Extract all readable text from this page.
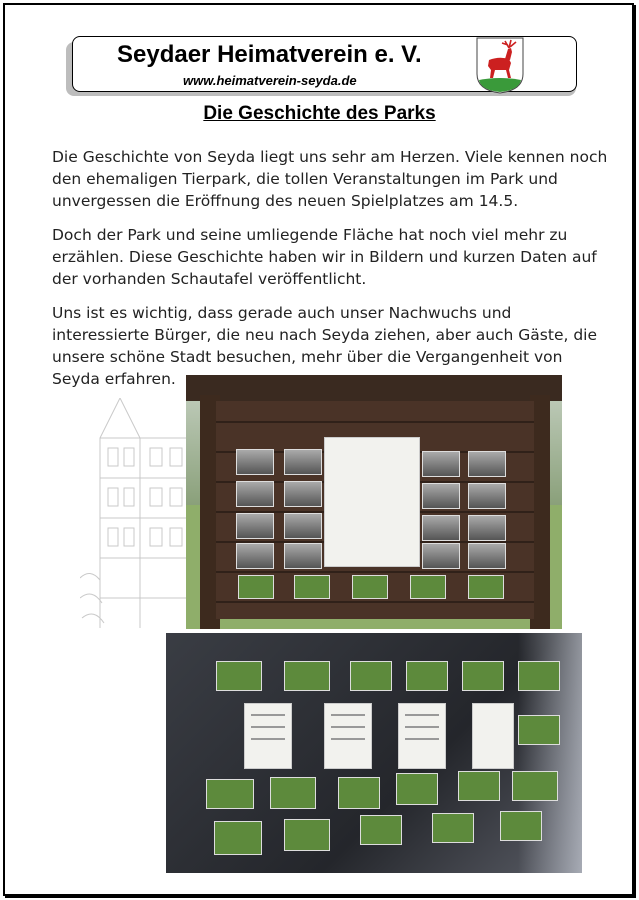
Seydaer Heimatverein e. V.
www.heimatverein-seyda.de
Die Geschichte des Parks

Die Geschichte von Seyda liegt uns sehr am Herzen. Viele kennen noch den ehemaligen Tierpark, die tollen Veranstaltungen im Park und unvergessen die Eröffnung des neuen Spielplatzes am 14.5.

Doch der Park und seine umliegende Fläche hat noch viel mehr zu erzählen. Diese Geschichte haben wir in Bildern und kurzen Daten auf der vorhanden Schautafel veröffentlicht.

Uns ist es wichtig, dass gerade auch unser Nachwuchs und interessierte Bürger, die neu nach Seyda ziehen, aber auch Gäste, die unsere schöne Stadt besuchen, mehr über die Vergangenheit von Seyda erfahren.
